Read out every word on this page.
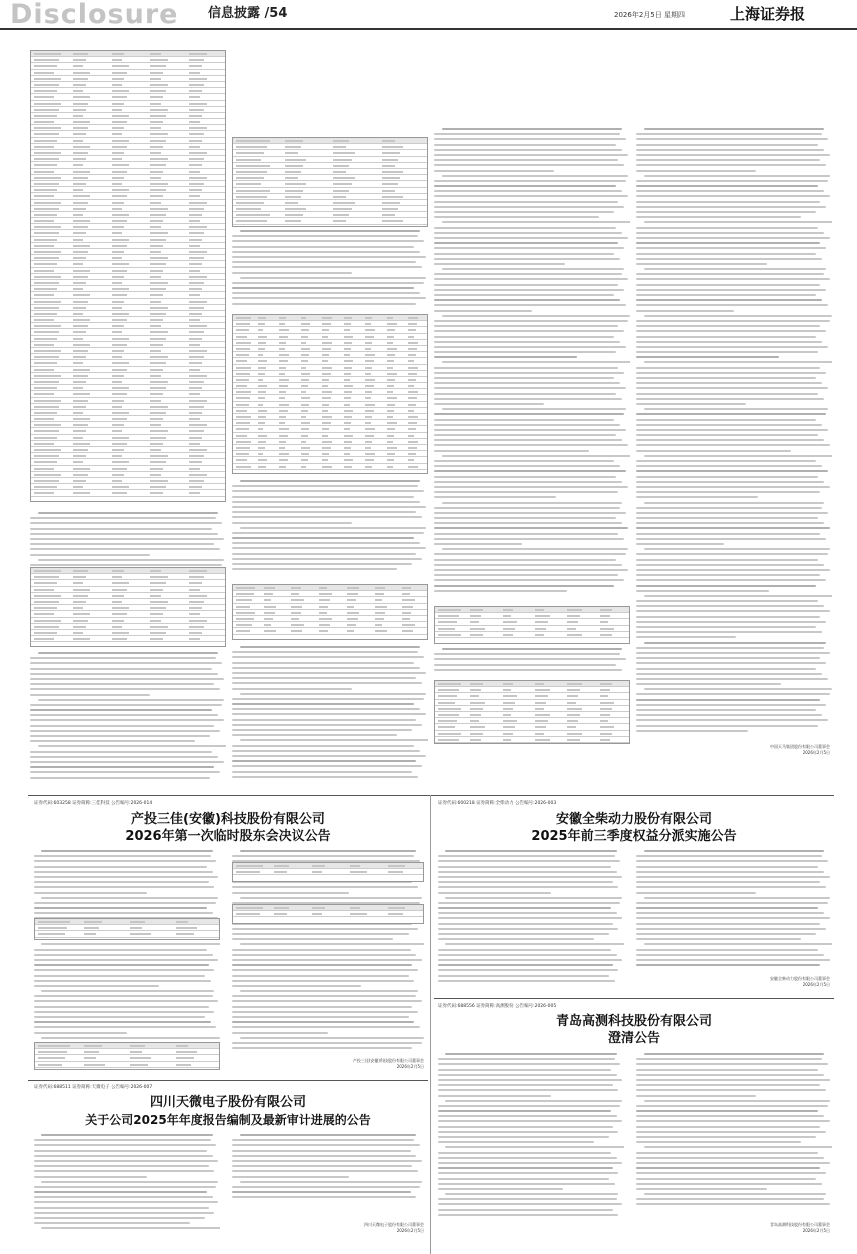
Disclosure 信息披露 /54	2026年2月5日 星期四	上海证券报
中国天马集团股份有限公司董事会
2026年2月5日
证券代码:603258 证券简称:三佳科技 公告编号:2026-014
产投三佳(安徽)科技股份有限公司
2026年第一次临时股东会决议公告
产投三佳(安徽)科技股份有限公司董事会
2026年2月5日
证券代码:600218 证券简称:全柴动力 公告编号:2026-003
安徽全柴动力股份有限公司
2025年前三季度权益分派实施公告
安徽全柴动力股份有限公司董事会
2026年2月5日
证券代码:688556 证券简称:高测股份 公告编号:2026-005
青岛高测科技股份有限公司
澄清公告
青岛高测科技股份有限公司董事会
2026年2月5日
证券代码:688511 证券简称:天微电子 公告编号:2026-007
四川天微电子股份有限公司
关于公司2025年年度报告编制及最新审计进展的公告
四川天微电子股份有限公司董事会
2026年2月5日
